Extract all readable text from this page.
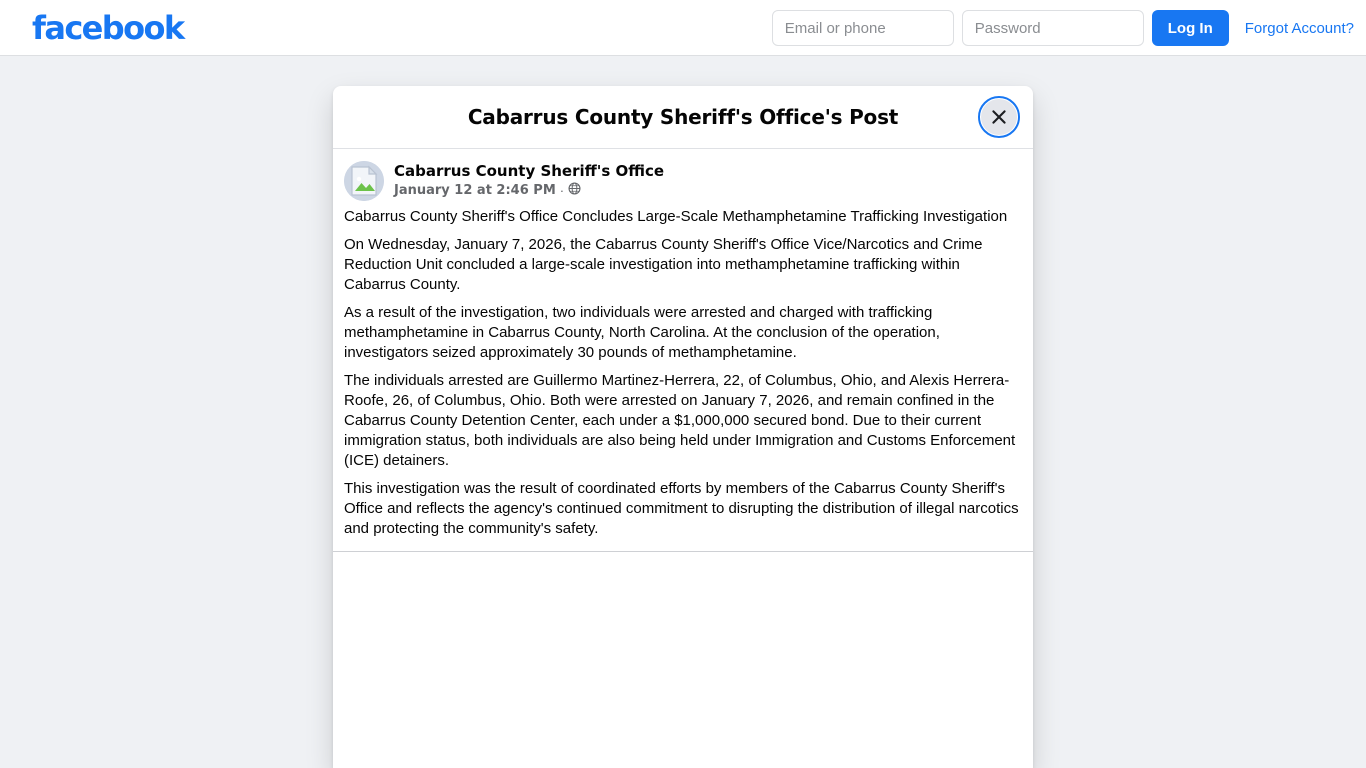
facebook
Email or phone	Log In	Forgot Account?
Cabarrus County Sheriff's Office's Post
Cabarrus County Sheriff's Office
January 12 at 2:46 PM ·

Cabarrus County Sheriff's Office Concludes Large-Scale Methamphetamine Trafficking Investigation

On Wednesday, January 7, 2026, the Cabarrus County Sheriff's Office Vice/Narcotics and Crime Reduction Unit concluded a large-scale investigation into methamphetamine trafficking within Cabarrus County.

As a result of the investigation, two individuals were arrested and charged with trafficking methamphetamine in Cabarrus County, North Carolina. At the conclusion of the operation, investigators seized approximately 30 pounds of methamphetamine.

The individuals arrested are Guillermo Martinez-Herrera, 22, of Columbus, Ohio, and Alexis Herrera-Roofe, 26, of Columbus, Ohio. Both were arrested on January 7, 2026, and remain confined in the Cabarrus County Detention Center, each under a $1,000,000 secured bond. Due to their current immigration status, both individuals are also being held under Immigration and Customs Enforcement (ICE) detainers.

This investigation was the result of coordinated efforts by members of the Cabarrus County Sheriff's Office and reflects the agency's continued commitment to disrupting the distribution of illegal narcotics and protecting the community's safety.
